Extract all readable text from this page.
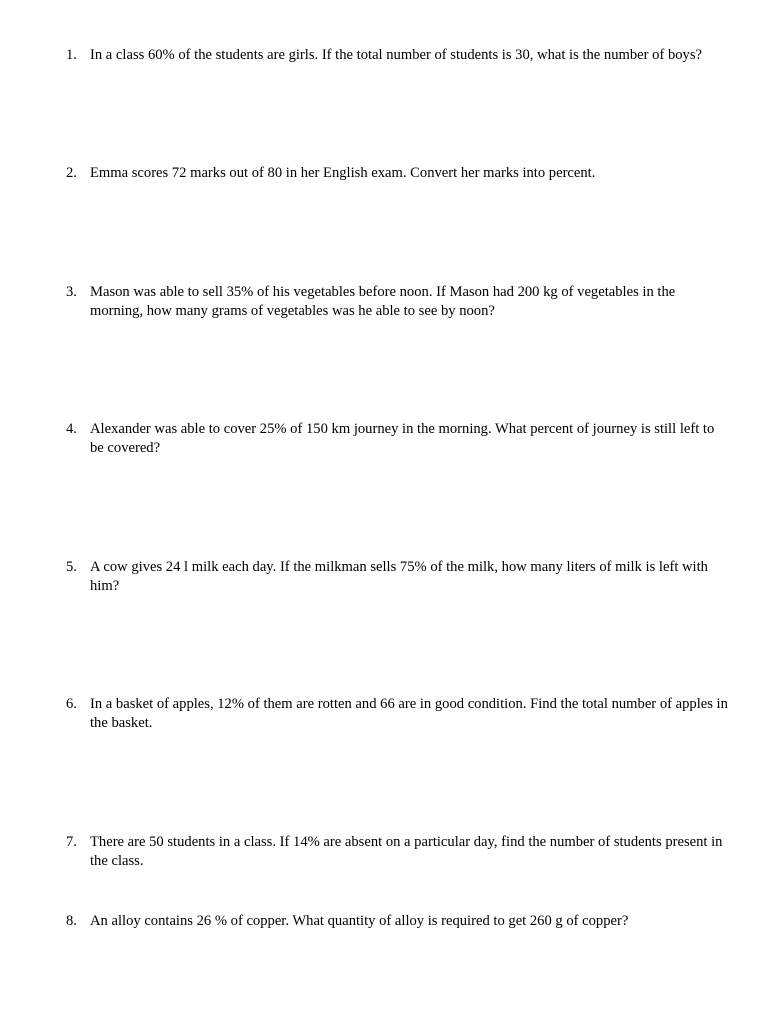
1. In a class 60% of the students are girls. If the total number of students is 30, what is the number of boys?
2. Emma scores 72 marks out of 80 in her English exam. Convert her marks into percent.
3. Mason was able to sell 35% of his vegetables before noon. If Mason had 200 kg of vegetables in the morning, how many grams of vegetables was he able to see by noon?
4. Alexander was able to cover 25% of 150 km journey in the morning. What percent of journey is still left to be covered?
5. A cow gives 24 l milk each day. If the milkman sells 75% of the milk, how many liters of milk is left with him?
6. In a basket of apples, 12% of them are rotten and 66 are in good condition. Find the total number of apples in the basket.
7. There are 50 students in a class. If 14% are absent on a particular day, find the number of students present in the class.
8. An alloy contains 26 % of copper. What quantity of alloy is required to get 260 g of copper?
